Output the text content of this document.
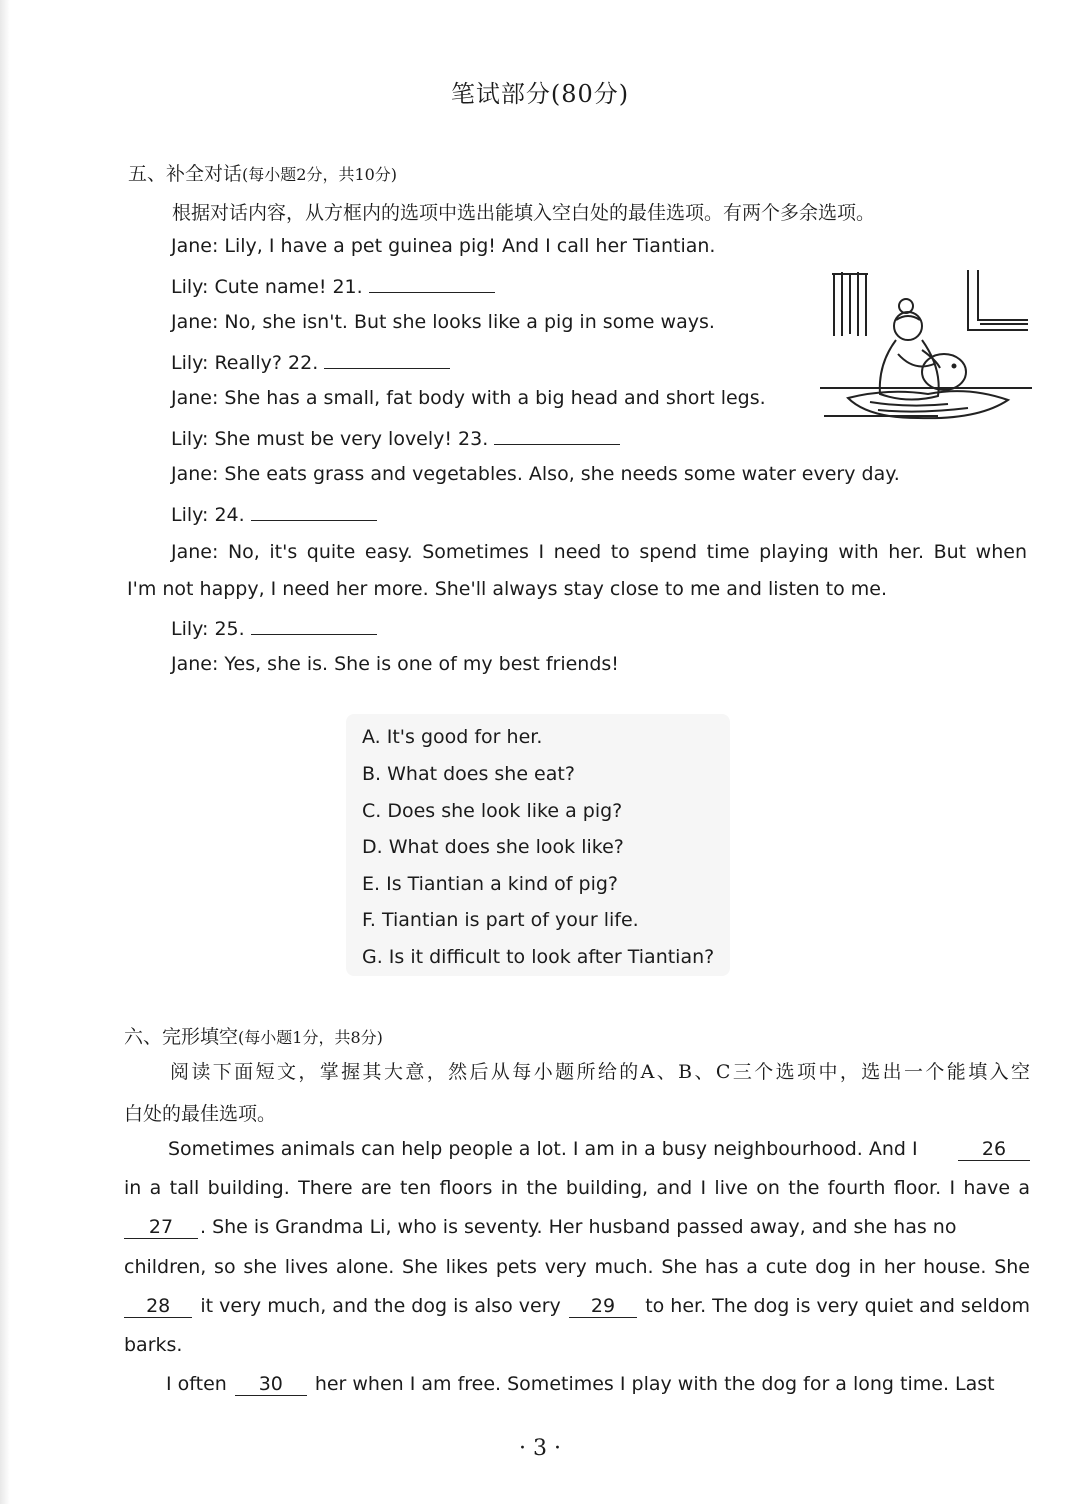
笔试部分(80分)
五、补全对话(每小题2分，共10分)
根据对话内容，从方框内的选项中选出能填入空白处的最佳选项。有两个多余选项。
Jane: Lily, I have a pet guinea pig! And I call her Tiantian.
Lily: Cute name! 21.
Jane: No, she isn't. But she looks like a pig in some ways.
Lily: Really? 22.
Jane: She has a small, fat body with a big head and short legs.
Lily: She must be very lovely! 23.
Jane: She eats grass and vegetables. Also, she needs some water every day.
Lily: 24.
Jane: No, it's quite easy. Sometimes I need to spend time playing with her. But when
I'm not happy, I need her more. She'll always stay close to me and listen to me.
Lily: 25.
Jane: Yes, she is. She is one of my best friends!
A. It's good for her.
B. What does she eat?
C. Does she look like a pig?
D. What does she look like?
E. Is Tiantian a kind of pig?
F. Tiantian is part of your life.
G. Is it difficult to look after Tiantian?
六、完形填空(每小题1分，共8分)
阅读下面短文，掌握其大意，然后从每小题所给的A、B、C三个选项中，选出一个能填入空
白处的最佳选项。
Sometimes animals can help people a lot. I am in a busy neighbourhood. And I	26
in a tall building. There are ten floors in the building, and I live on the fourth floor. I have a
27	. She is Grandma Li, who is seventy. Her husband passed away, and she has no
children, so she lives alone. She likes pets very much. She has a cute dog in her house. She
28	it very much, and the dog is also very	29	to her. The dog is very quiet and seldom
barks.
I often	30	her when I am free. Sometimes I play with the dog for a long time. Last
· 3 ·
